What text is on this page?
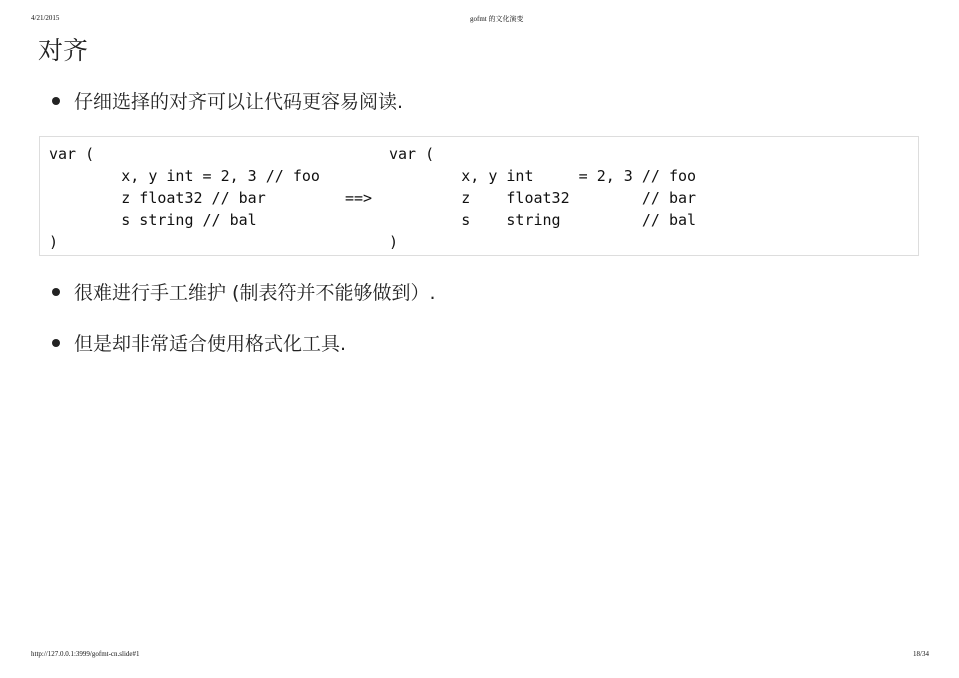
4/21/2015	gofmt 的文化演变
对齐
仔细选择的对齐可以让代码更容易阅读.
var (
x, y int = 2, 3 // foo
z float32 // bar
s string // bal
)
==>
var (
x, y int     = 2, 3 // foo
z    float32        // bar
s    string         // bal
)
很难进行手工维护 (制表符并不能够做到）.
但是却非常适合使用格式化工具.
http://127.0.0.1:3999/gofmt-cn.slide#1	18/34
